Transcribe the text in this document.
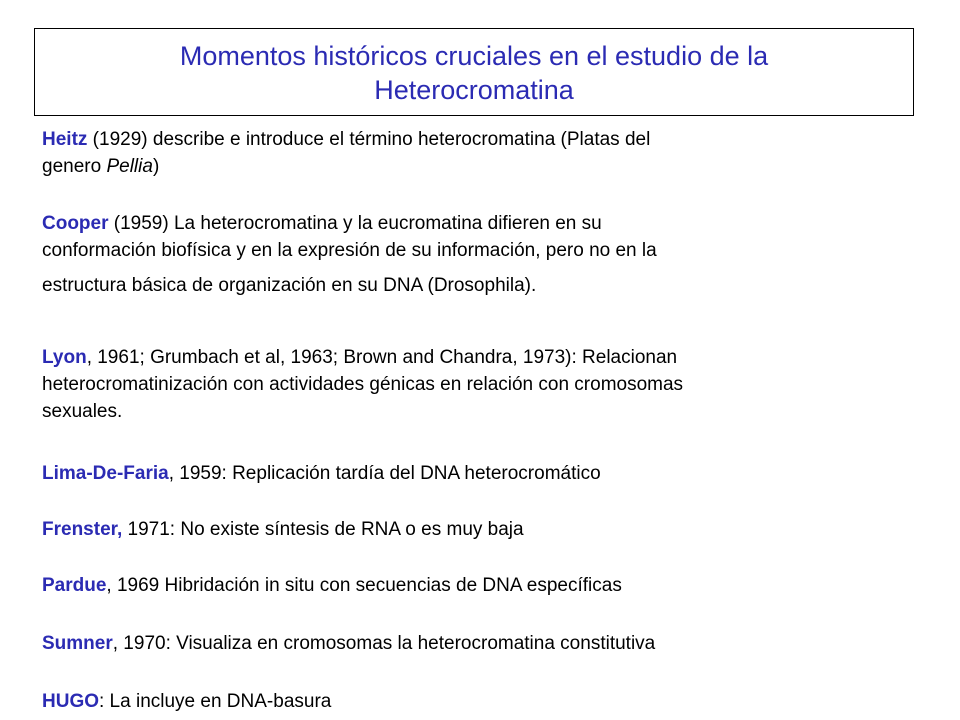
Momentos históricos cruciales en el estudio de la
Heterocromatina
Heitz (1929) describe e introduce el término heterocromatina (Platas del
genero Pellia)
Cooper (1959) La heterocromatina y la eucromatina difieren en su
conformación biofísica y en la expresión de su información, pero no en la
estructura básica de organización en su DNA (Drosophila).
Lyon, 1961; Grumbach et al, 1963; Brown and Chandra, 1973): Relacionan
heterocromatinización con actividades génicas en relación con cromosomas
sexuales.
Lima-De-Faria, 1959: Replicación tardía del DNA heterocromático
Frenster, 1971: No existe síntesis de RNA o es muy baja
Pardue, 1969 Hibridación in situ con secuencias de DNA específicas
Sumner, 1970: Visualiza en cromosomas la heterocromatina constitutiva
HUGO: La incluye en DNA-basura
